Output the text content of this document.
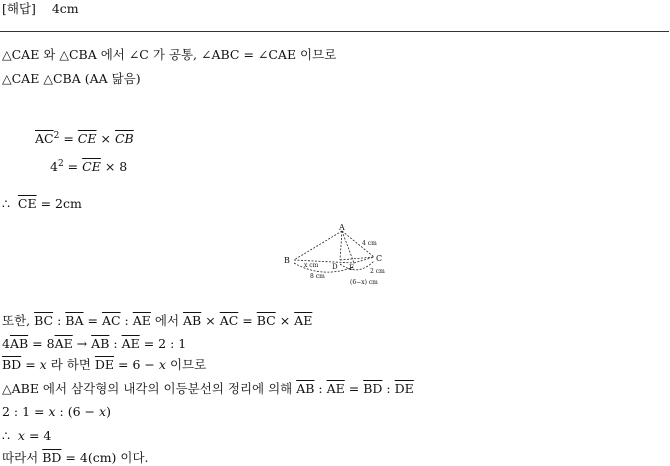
[해답] 4cm
△CAE 와 △CBA 에서 ∠C 가 공통, ∠ABC = ∠CAE 이므로
△CAE △CBA (AA 닮음)
$\overline{AC}^2 = \overline{CE} \times \overline{CB}$
$4^2 = \overline{CE} \times 8$
∴ $\overline{CE} = 2cm$
A
B	C
D E
4 cm
x cm
8 cm
2 cm
(6−x) cm
또한, $\overline{BC}$ : $\overline{BA} = \overline{AC}$ : $\overline{AE}$ 에서 $\overline{AB} \times \overline{AC} = \overline{BC} \times \overline{AE}$
$4\overline{AB} = 8\overline{AE} \to \overline{AB}$ : $\overline{AE} = 2$ : 1
$\overline{BD} = x$ 라 하면 $\overline{DE} = 6 - x$ 이므로
△ABE 에서 삼각형의 내각의 이등분선의 정리에 의해 $\overline{AB}$ : $\overline{AE} = \overline{BD}$ : $\overline{DE}$
2 : 1 = x : (6 − x)
∴ x = 4
따라서 $\overline{BD} = 4(cm)$ 이다.
